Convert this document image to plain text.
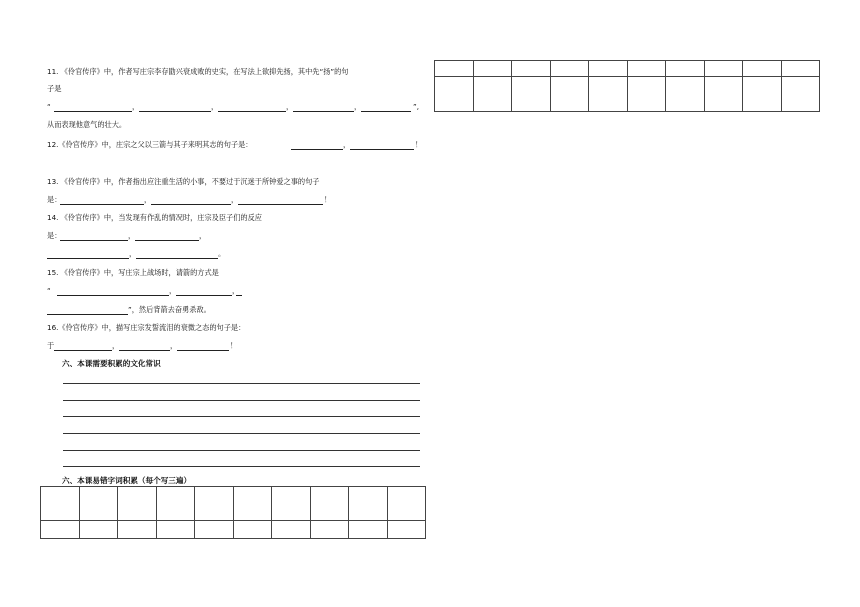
11. 《伶官传序》中，作者写庄宗李存勖兴衰成败的史实，在写法上欲抑先扬，其中先“扬”的句
子是
“	，	，	，	，	”,
从而表现他意气的壮大。
12.《伶官传序》中，庄宗之父以三箭与其子来明其志的句子是：	，	！
13. 《伶官传序》中，作者指出应注重生活的小事，不要过于沉迷于所钟爱之事的句子
是：	，	，	！
14. 《伶官传序》中，当发现有作乱的情况时，庄宗及臣子们的反应
是：	，	，
，	。
15. 《伶官传序》中，写庄宗上战场时，请箭的方式是
“	，	，
”，然后背箭去奋勇杀敌。
16.《伶官传序》中，描写庄宗发誓流泪的衰微之态的句子是：
于	，	，	！
六、本课需要积累的文化常识
六、本课易错字词积累（每个写三遍）
